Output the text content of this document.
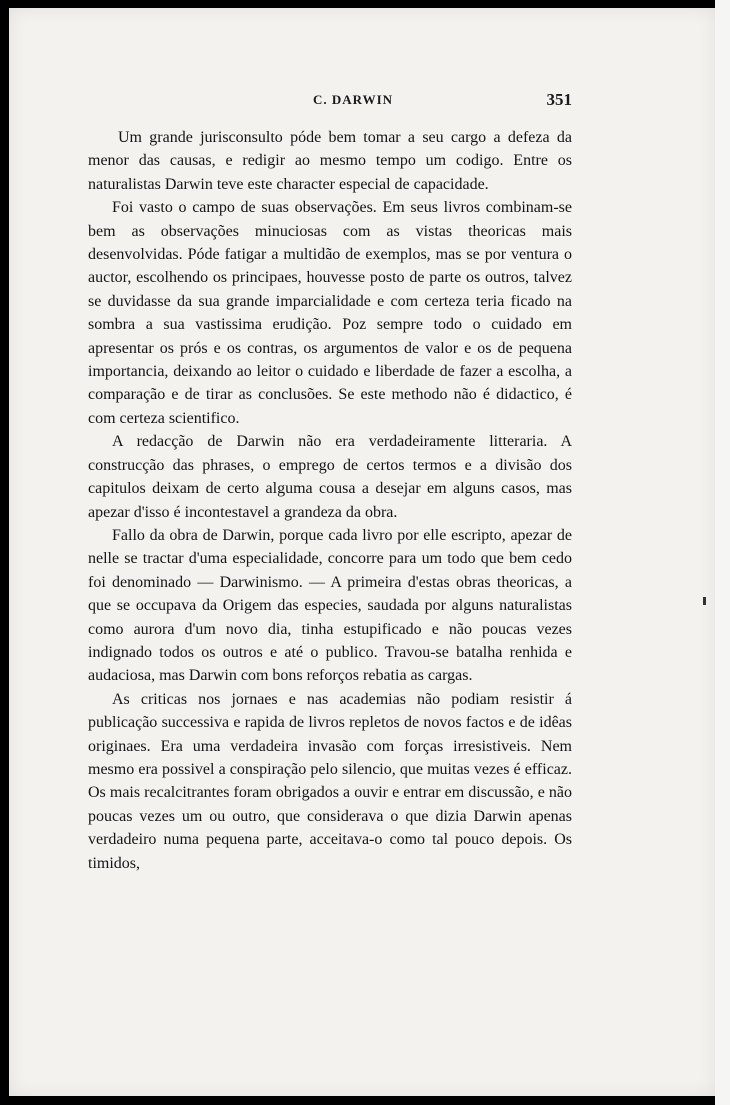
C. DARWIN	351

Um grande jurisconsulto póde bem tomar a seu cargo a defeza da menor das causas, e redigir ao mesmo tempo um codigo. Entre os naturalistas Darwin teve este character especial de capacidade.

Foi vasto o campo de suas observações. Em seus livros combinam-se bem as observações minuciosas com as vistas theoricas mais desenvolvidas. Póde fatigar a multidão de exemplos, mas se por ventura o auctor, escolhendo os principaes, houvesse posto de parte os outros, talvez se duvidasse da sua grande imparcialidade e com certeza teria ficado na sombra a sua vastissima erudição. Poz sempre todo o cuidado em apresentar os prós e os contras, os argumentos de valor e os de pequena importancia, deixando ao leitor o cuidado e liberdade de fazer a escolha, a comparação e de tirar as conclusões. Se este methodo não é didactico, é com certeza scientifico.

A redacção de Darwin não era verdadeiramente litteraria. A construcção das phrases, o emprego de certos termos e a divisão dos capitulos deixam de certo alguma cousa a desejar em alguns casos, mas apezar d'isso é incontestavel a grandeza da obra.

Fallo da obra de Darwin, porque cada livro por elle escripto, apezar de nelle se tractar d'uma especialidade, concorre para um todo que bem cedo foi denominado — Darwinismo. — A primeira d'estas obras theoricas, a que se occupava da Origem das especies, saudada por alguns naturalistas como aurora d'um novo dia, tinha estupificado e não poucas vezes indignado todos os outros e até o publico. Travou-se batalha renhida e audaciosa, mas Darwin com bons reforços rebatia as cargas.

As criticas nos jornaes e nas academias não podiam resistir á publicação successiva e rapida de livros repletos de novos factos e de idêas originaes. Era uma verdadeira invasão com forças irresistiveis. Nem mesmo era possivel a conspiração pelo silencio, que muitas vezes é efficaz. Os mais recalcitrantes foram obrigados a ouvir e entrar em discussão, e não poucas vezes um ou outro, que considerava o que dizia Darwin apenas verdadeiro numa pequena parte, acceitava-o como tal pouco depois. Os timidos,
